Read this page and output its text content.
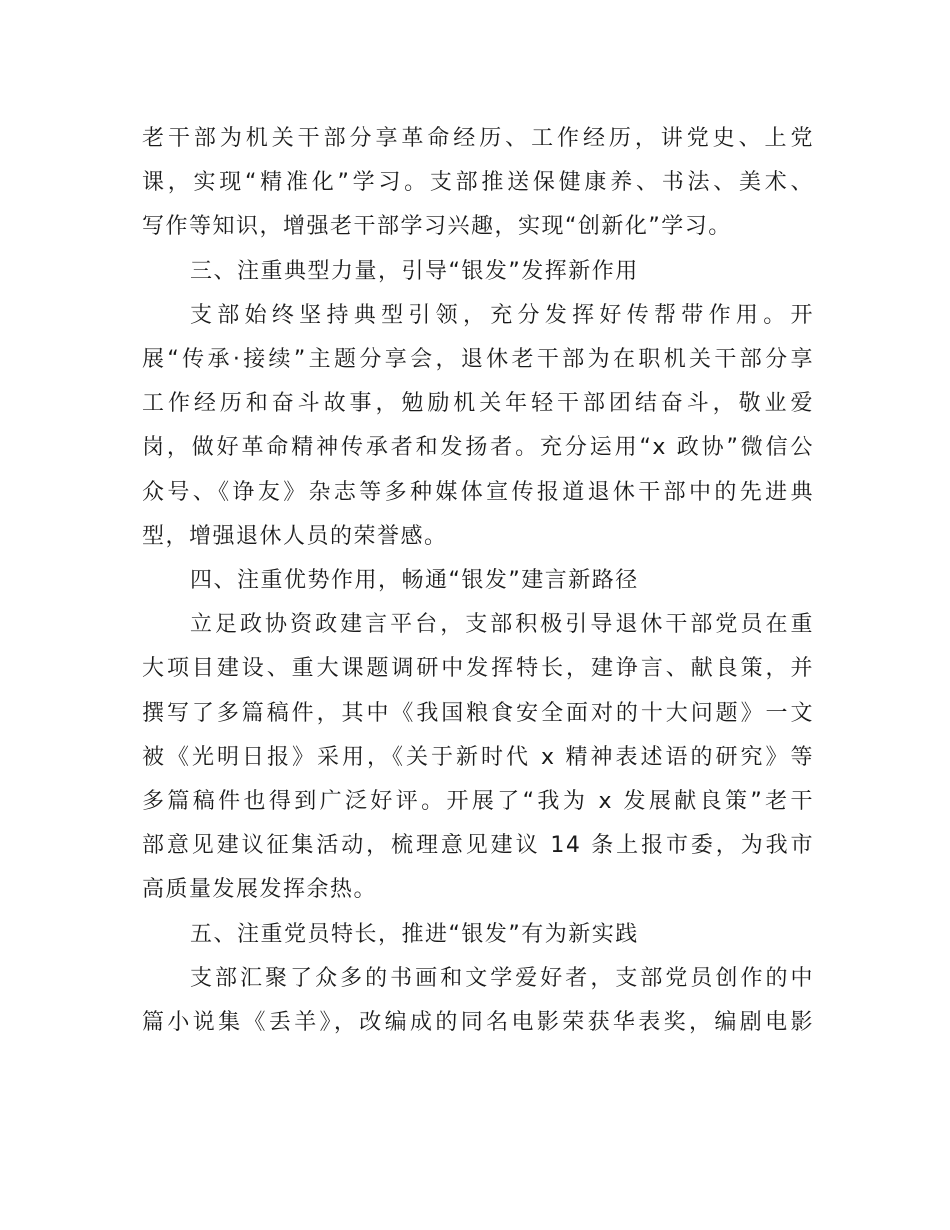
老干部为机关干部分享革命经历、工作经历，讲党史、上党
课，实现“精准化”学习。支部推送保健康养、书法、美术、
写作等知识，增强老干部学习兴趣，实现“创新化”学习。
三、注重典型力量，引导“银发”发挥新作用
支部始终坚持典型引领，充分发挥好传帮带作用。开
展“传承·接续”主题分享会，退休老干部为在职机关干部分享
工作经历和奋斗故事，勉励机关年轻干部团结奋斗，敬业爱
岗，做好革命精神传承者和发扬者。充分运用“x 政协”微信公
众号、《诤友》杂志等多种媒体宣传报道退休干部中的先进典
型，增强退休人员的荣誉感。
四、注重优势作用，畅通“银发”建言新路径
立足政协资政建言平台，支部积极引导退休干部党员在重
大项目建设、重大课题调研中发挥特长，建诤言、献良策，并
撰写了多篇稿件，其中《我国粮食安全面对的十大问题》一文
被《光明日报》采用，《关于新时代 x 精神表述语的研究》等
多篇稿件也得到广泛好评。开展了“我为 x 发展献良策”老干
部意见建议征集活动，梳理意见建议 14 条上报市委，为我市
高质量发展发挥余热。
五、注重党员特长，推进“银发”有为新实践
支部汇聚了众多的书画和文学爱好者，支部党员创作的中
篇小说集《丢羊》，改编成的同名电影荣获华表奖，编剧电影
